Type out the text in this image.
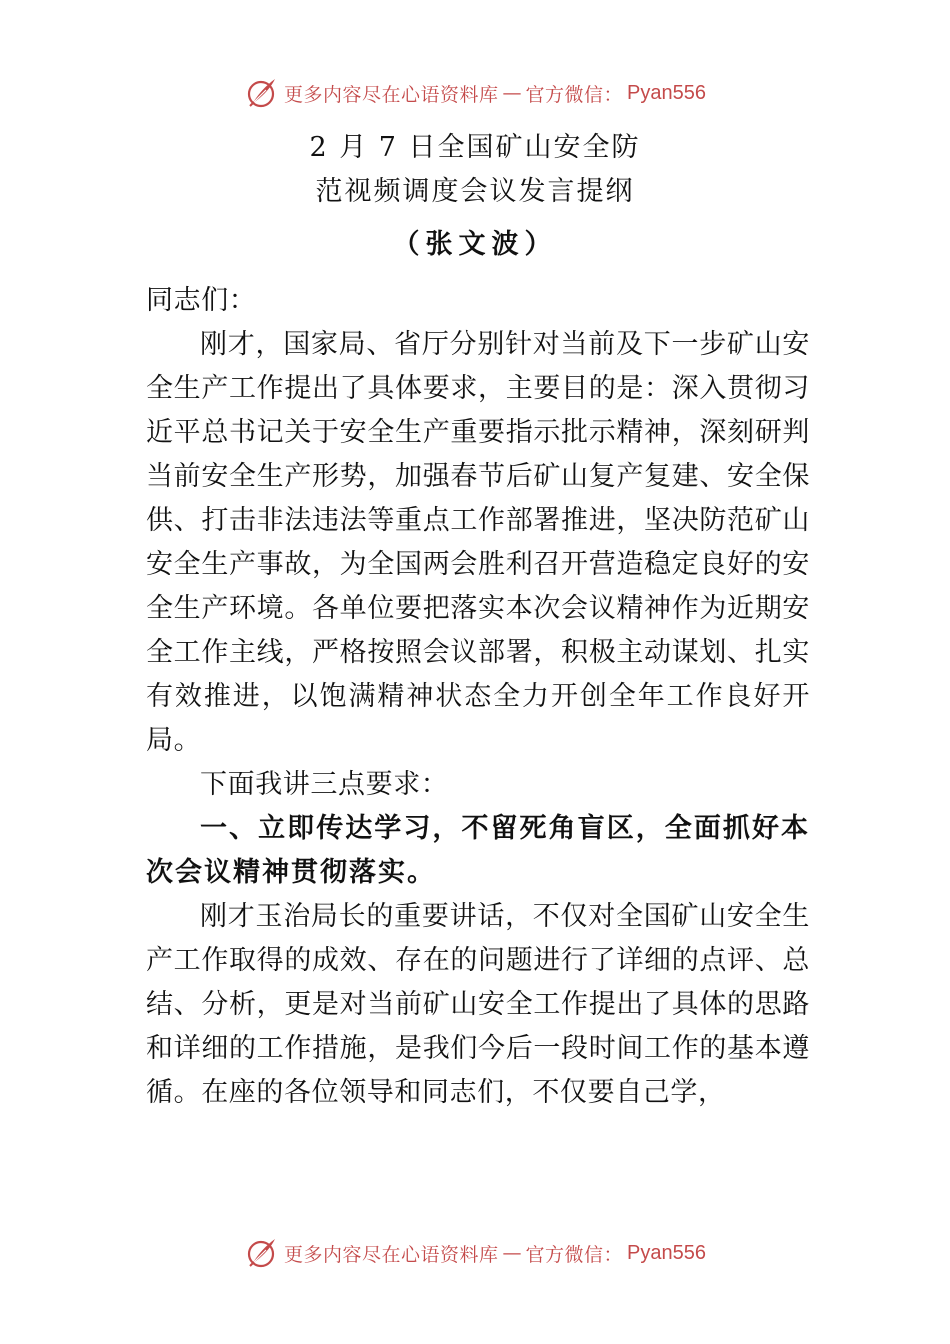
更多内容尽在心语资料库 — 官方微信： Pyan556
2 月 7 日全国矿山安全防
范视频调度会议发言提纲
（张文波）

同志们：

刚才，国家局、省厅分别针对当前及下一步矿山安全生产工作提出了具体要求，主要目的是：深入贯彻习近平总书记关于安全生产重要指示批示精神，深刻研判当前安全生产形势，加强春节后矿山复产复建、安全保供、打击非法违法等重点工作部署推进，坚决防范矿山安全生产事故，为全国两会胜利召开营造稳定良好的安全生产环境。各单位要把落实本次会议精神作为近期安全工作主线，严格按照会议部署，积极主动谋划、扎实有效推进，以饱满精神状态全力开创全年工作良好开局。

下面我讲三点要求：

一、立即传达学习，不留死角盲区，全面抓好本次会议精神贯彻落实。

刚才玉治局长的重要讲话，不仅对全国矿山安全生产工作取得的成效、存在的问题进行了详细的点评、总结、分析，更是对当前矿山安全工作提出了具体的思路和详细的工作措施，是我们今后一段时间工作的基本遵循。在座的各位领导和同志们，不仅要自己学，

更多内容尽在心语资料库 — 官方微信： Pyan556
